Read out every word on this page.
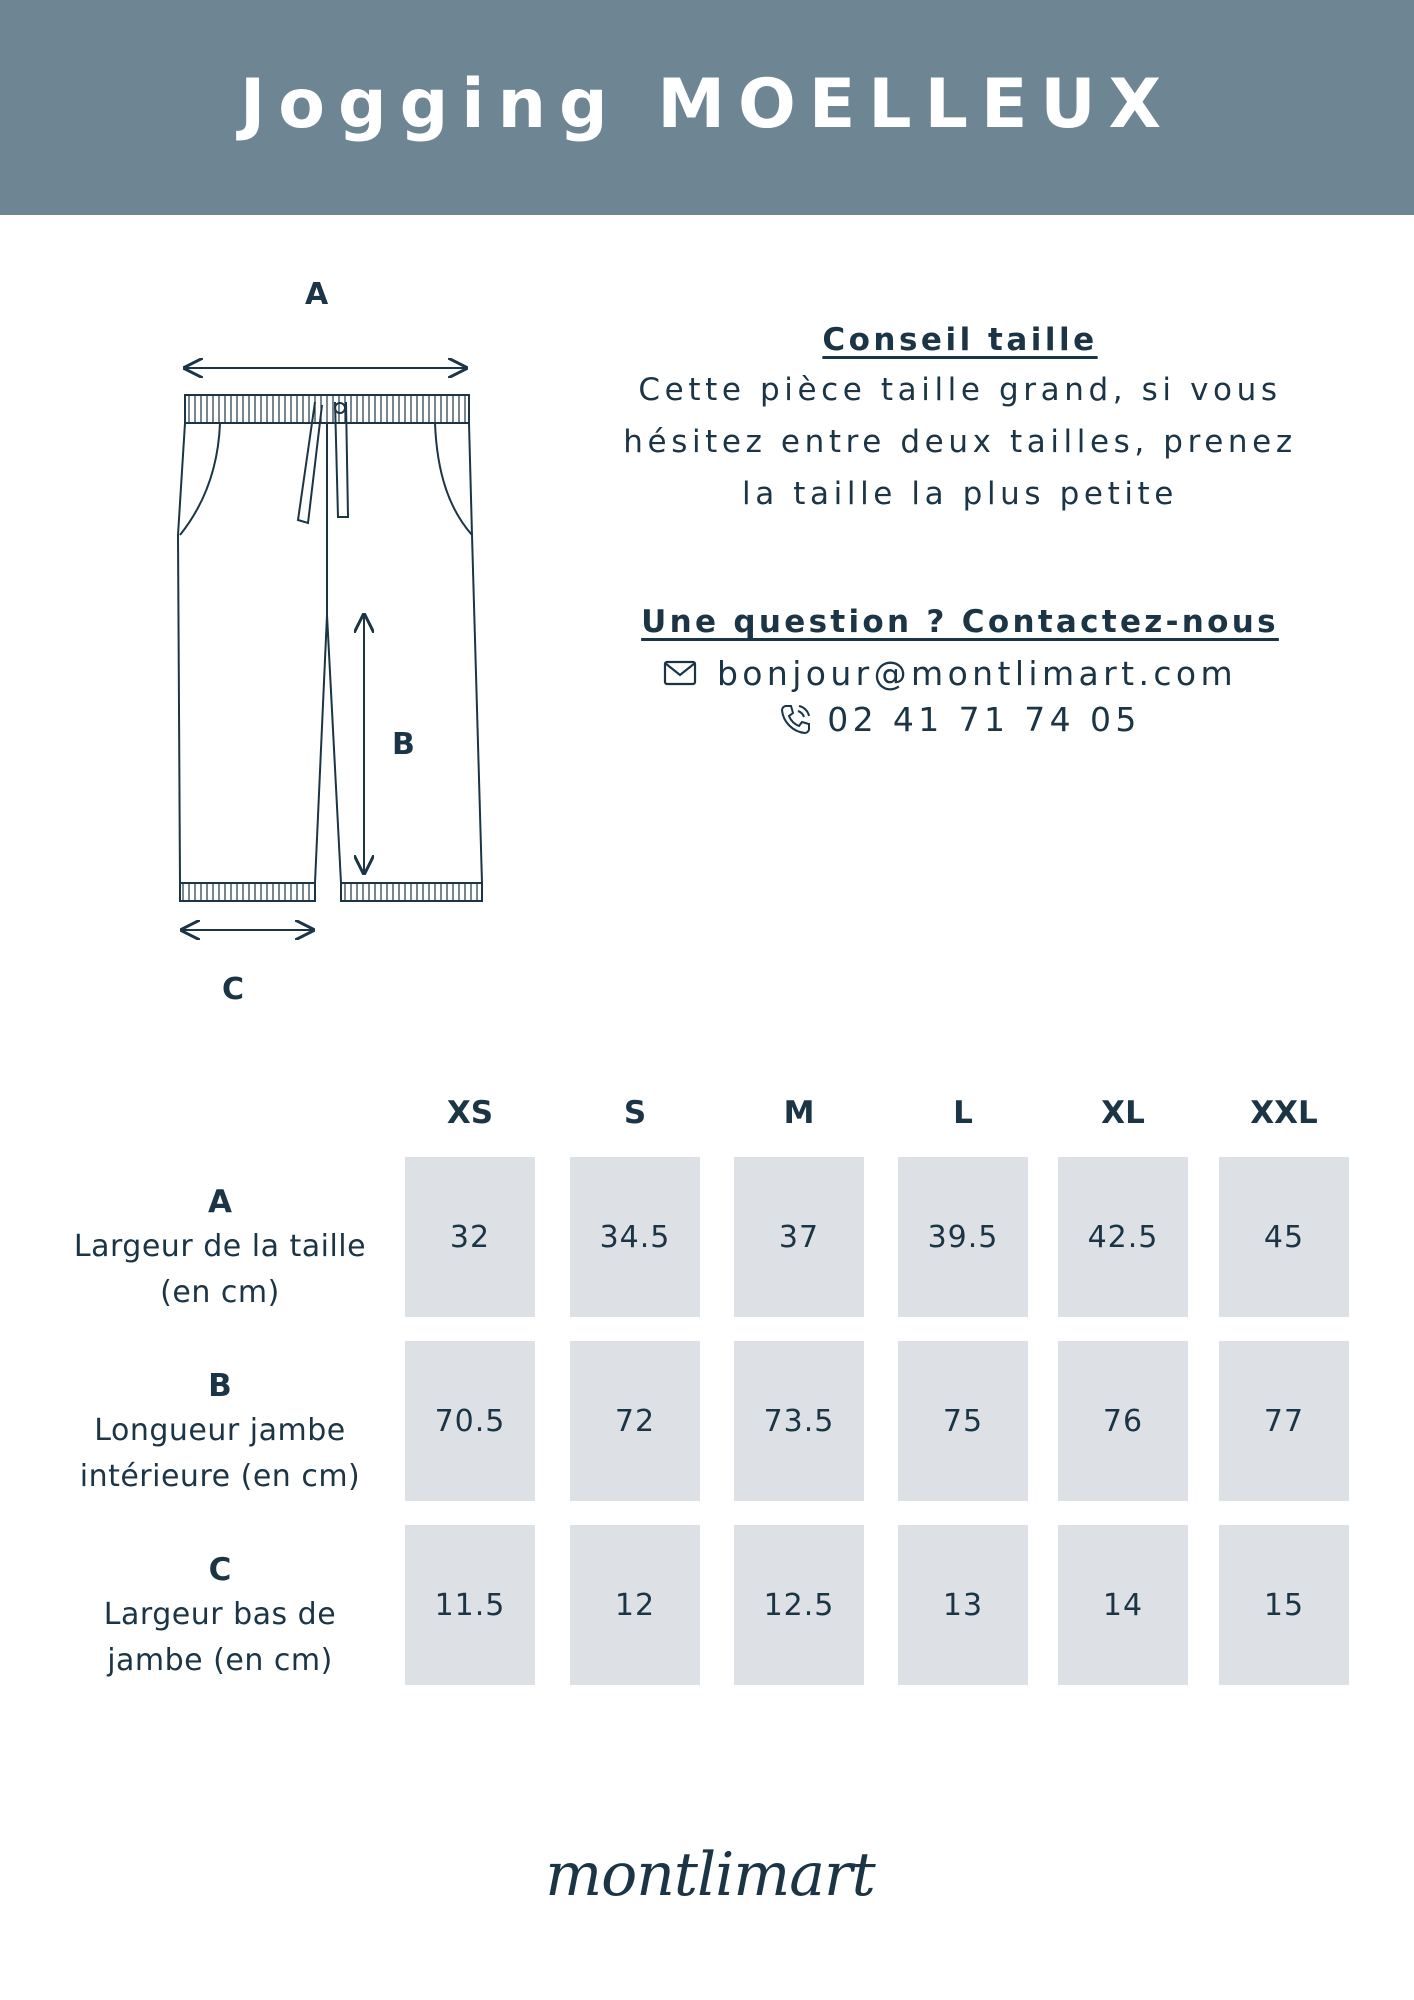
Jogging MOELLEUX
A
B
C
Conseil taille
Cette pièce taille grand, si vous
hésitez entre deux tailles, prenez
la taille la plus petite
Une question ? Contactez-nous
bonjour@montlimart.com
02 41 71 74 05
XS	S	M	L	XL	XXL
A
Largeur de la taille
(en cm)
32	34.5	37	39.5	42.5	45
B
Longueur jambe
intérieure (en cm)
70.5	72	73.5	75	76	77
C
Largeur bas de
jambe (en cm)
11.5	12	12.5	13	14	15
montlimart
